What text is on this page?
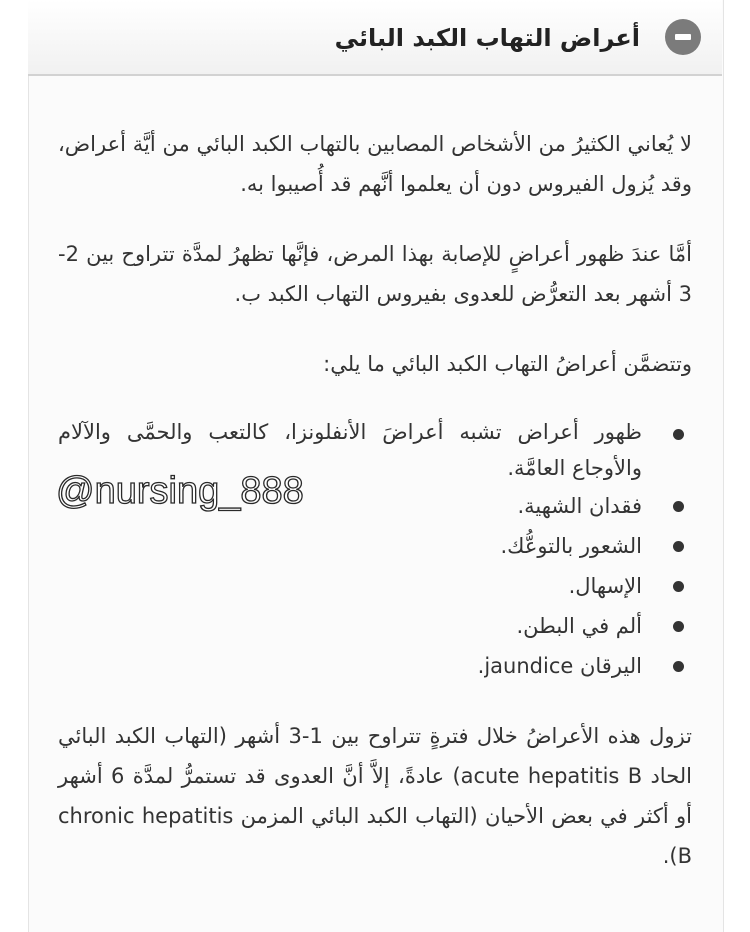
أعراض التهاب الكبد البائي

لا يُعاني الكثيرُ من الأشخاص المصابين بالتهاب الكبد البائي من أيَّة أعراض، وقد يُزول الفيروس دون أن يعلموا أنَّهم قد أُصيبوا به.

أمَّا عندَ ظهور أعراضٍ للإصابة بهذا المرض، فإنَّها تظهرُ لمدَّة تتراوح بين 2-3 أشهر بعد التعرُّض للعدوى بفيروس التهاب الكبد ب.

وتتضمَّن أعراضُ التهاب الكبد البائي ما يلي:

ظهور أعراض تشبه أعراضَ الأنفلونزا، كالتعب والحمَّى والآلام والأوجاع العامَّة.
فقدان الشهية.
الشعور بالتوعُّك.
الإسهال.
ألم في البطن.
اليرقان jaundice.

تزول هذه الأعراضُ خلال فترةٍ تتراوح بين 1-3 أشهر (التهاب الكبد البائي الحاد acute hepatitis B) عادةً، إلاَّ أنَّ العدوى قد تستمرُّ لمدَّة 6 أشهر أو أكثر في بعض الأحيان (التهاب الكبد البائي المزمن chronic hepatitis B).

@nursing_888
